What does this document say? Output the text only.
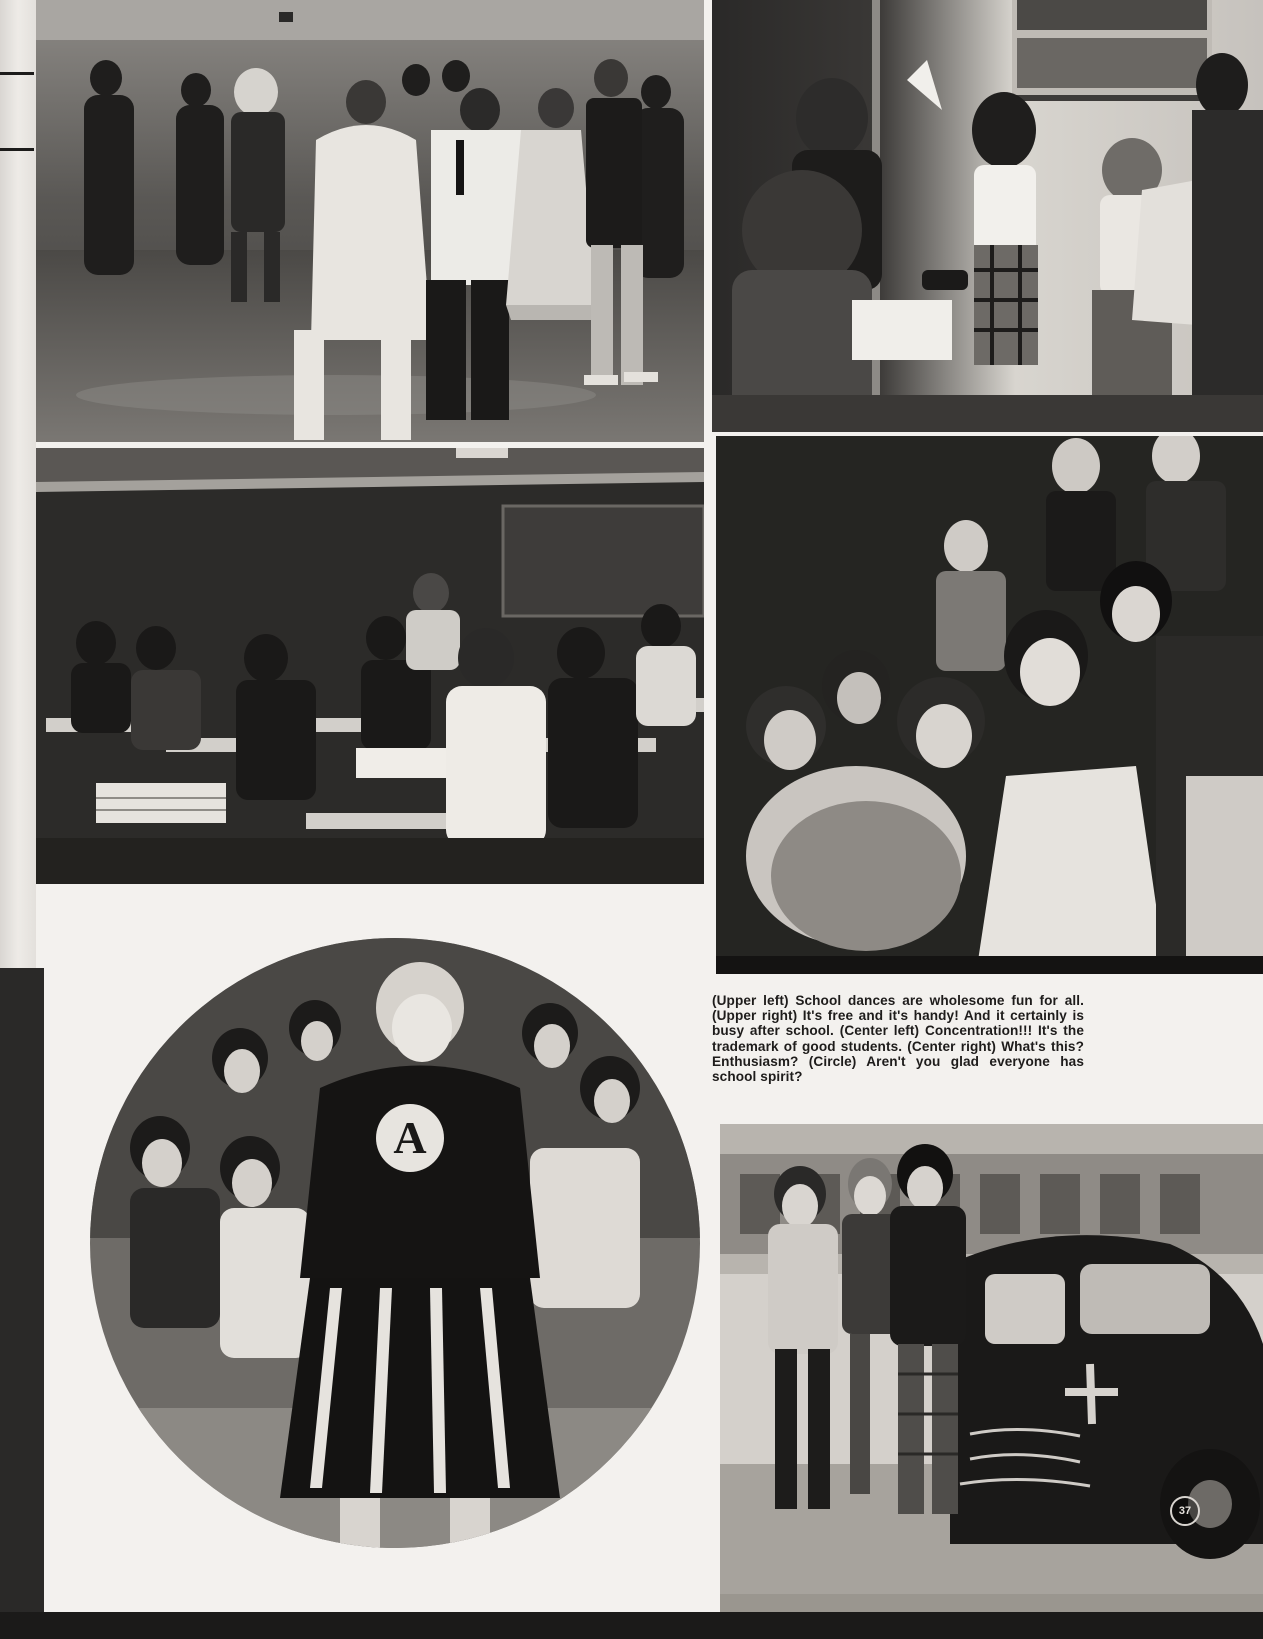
A

(Upper left) School dances are wholesome fun for all. (Upper right) It's free and it's handy! And it certainly is busy after school. (Center left) Concentration!!! It's the trademark of good students. (Center right) What's this? Enthusiasm? (Circle) Aren't you glad everyone has school spirit?

37
